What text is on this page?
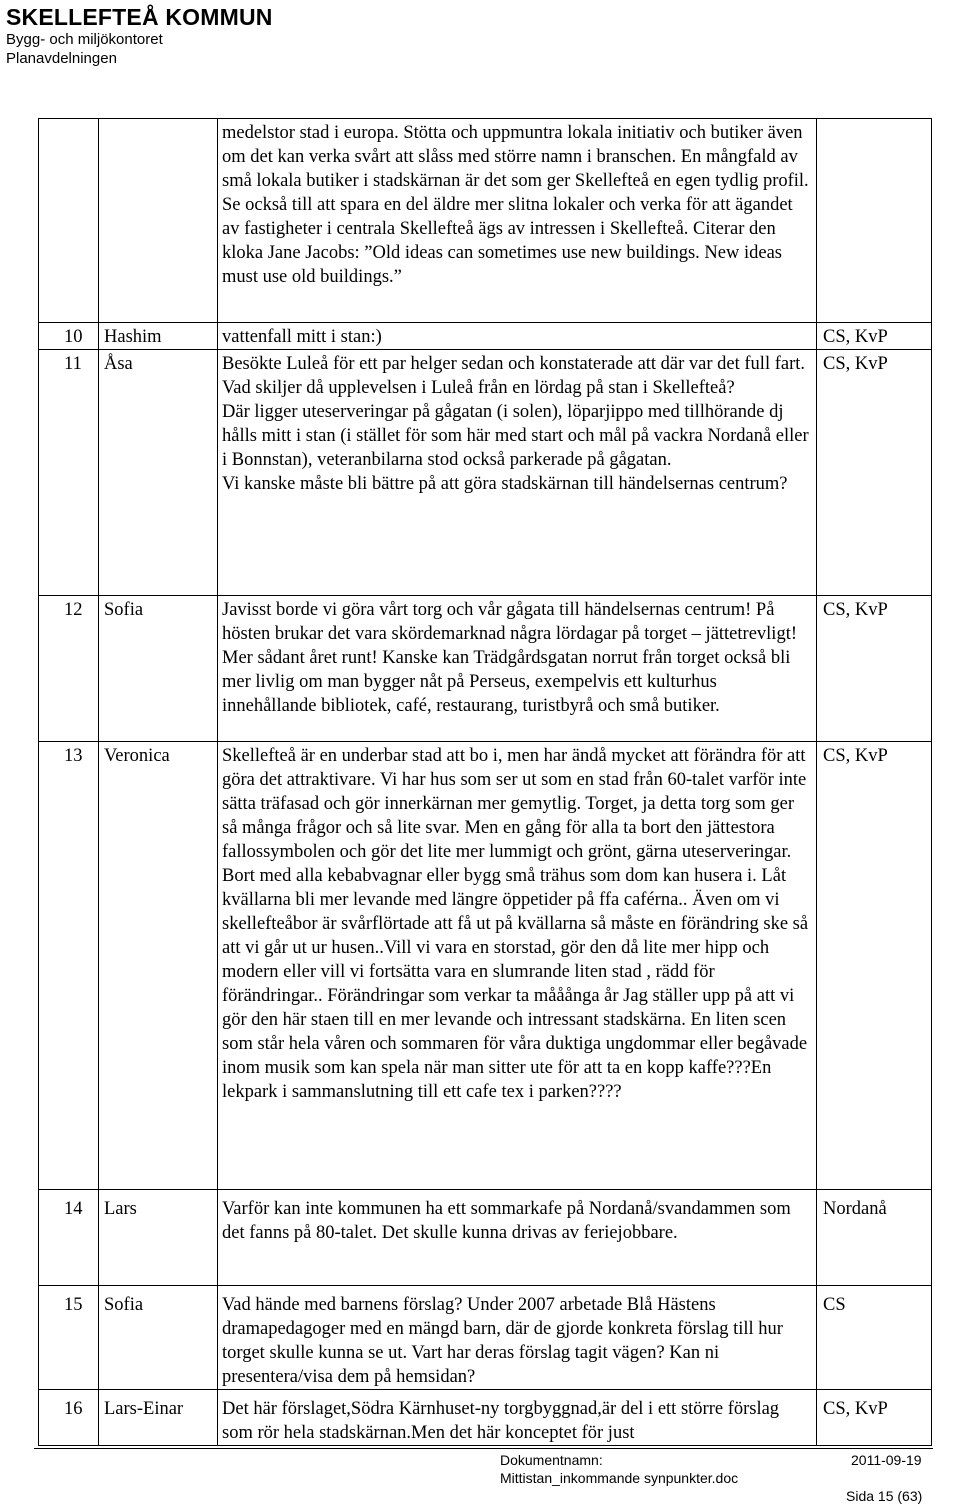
SKELLEFTEÅ KOMMUN
Bygg- och miljökontoret
Planavdelningen

		medelstor stad i europa. Stötta och uppmuntra lokala initiativ och butiker även om det kan verka svårt att slåss med större namn i branschen. En mångfald av små lokala butiker i stadskärnan är det som ger Skellefteå en egen tydlig profil. Se också till att spara en del äldre mer slitna lokaler och verka för att ägandet av fastigheter i centrala Skellefteå ägs av intressen i Skellefteå. Citerar den kloka Jane Jacobs: ”Old ideas can sometimes use new buildings. New ideas must use old buildings.”	

10	Hashim	vattenfall mitt i stan:)	CS, KvP
11	Åsa	Besökte Luleå för ett par helger sedan och konstaterade att där var det full fart.
Vad skiljer då upplevelsen i Luleå från en lördag på stan i Skellefteå?
Där ligger uteserveringar på gågatan (i solen), löparjippo med tillhörande dj hålls mitt i stan (i stället för som här med start och mål på vackra Nordanå eller i Bonnstan), veteranbilarna stod också parkerade på gågatan.
Vi kanske måste bli bättre på att göra stadskärnan till händelsernas centrum?	CS, KvP
12	Sofia	Javisst borde vi göra vårt torg och vår gågata till händelsernas centrum! På hösten brukar det vara skördemarknad några lördagar på torget – jättetrevligt! Mer sådant året runt! Kanske kan Trädgårdsgatan norrut från torget också bli mer livlig om man bygger nåt på Perseus, exempelvis ett kulturhus innehållande bibliotek, café, restaurang, turistbyrå och små butiker.	CS, KvP
13	Veronica	Skellefteå är en underbar stad att bo i, men har ändå mycket att förändra för att göra det attraktivare. Vi har hus som ser ut som en stad från 60-talet varför inte sätta träfasad och gör innerkärnan mer gemytlig. Torget, ja detta torg som ger så många frågor och så lite svar. Men en gång för alla ta bort den jättestora fallossymbolen och gör det lite mer lummigt och grönt, gärna uteserveringar. Bort med alla kebabvagnar eller bygg små trähus som dom kan husera i. Låt kvällarna bli mer levande med längre öppetider på ffa caférna.. Även om vi skellefteåbor är svårflörtade att få ut på kvällarna så måste en förändring ske så att vi går ut ur husen..Vill vi vara en storstad, gör den då lite mer hipp och modern eller vill vi fortsätta vara en slumrande liten stad , rädd för förändringar.. Förändringar som verkar ta mååånga år Jag ställer upp på att vi gör den här staen till en mer levande och intressant stadskärna. En liten scen som står hela våren och sommaren för våra duktiga ungdommar eller begåvade inom musik som kan spela när man sitter ute för att ta en kopp kaffe???En lekpark i sammanslutning till ett cafe tex i parken????	CS, KvP
14	Lars	Varför kan inte kommunen ha ett sommarkafe på Nordanå/svandammen som det fanns på 80-talet. Det skulle kunna drivas av feriejobbare.	Nordanå
15	Sofia	Vad hände med barnens förslag? Under 2007 arbetade Blå Hästens dramapedagoger med en mängd barn, där de gjorde konkreta förslag till hur torget skulle kunna se ut. Vart har deras förslag tagit vägen? Kan ni presentera/visa dem på hemsidan?	CS
16	Lars-Einar	Det här förslaget,Södra Kärnhuset-ny torgbyggnad,är del i ett större förslag som rör hela stadskärnan.Men det här konceptet för just	CS, KvP
Dokumentnamn:	2011-09-19
Mittistan_inkommande synpunkter.doc
Sida 15 (63)
